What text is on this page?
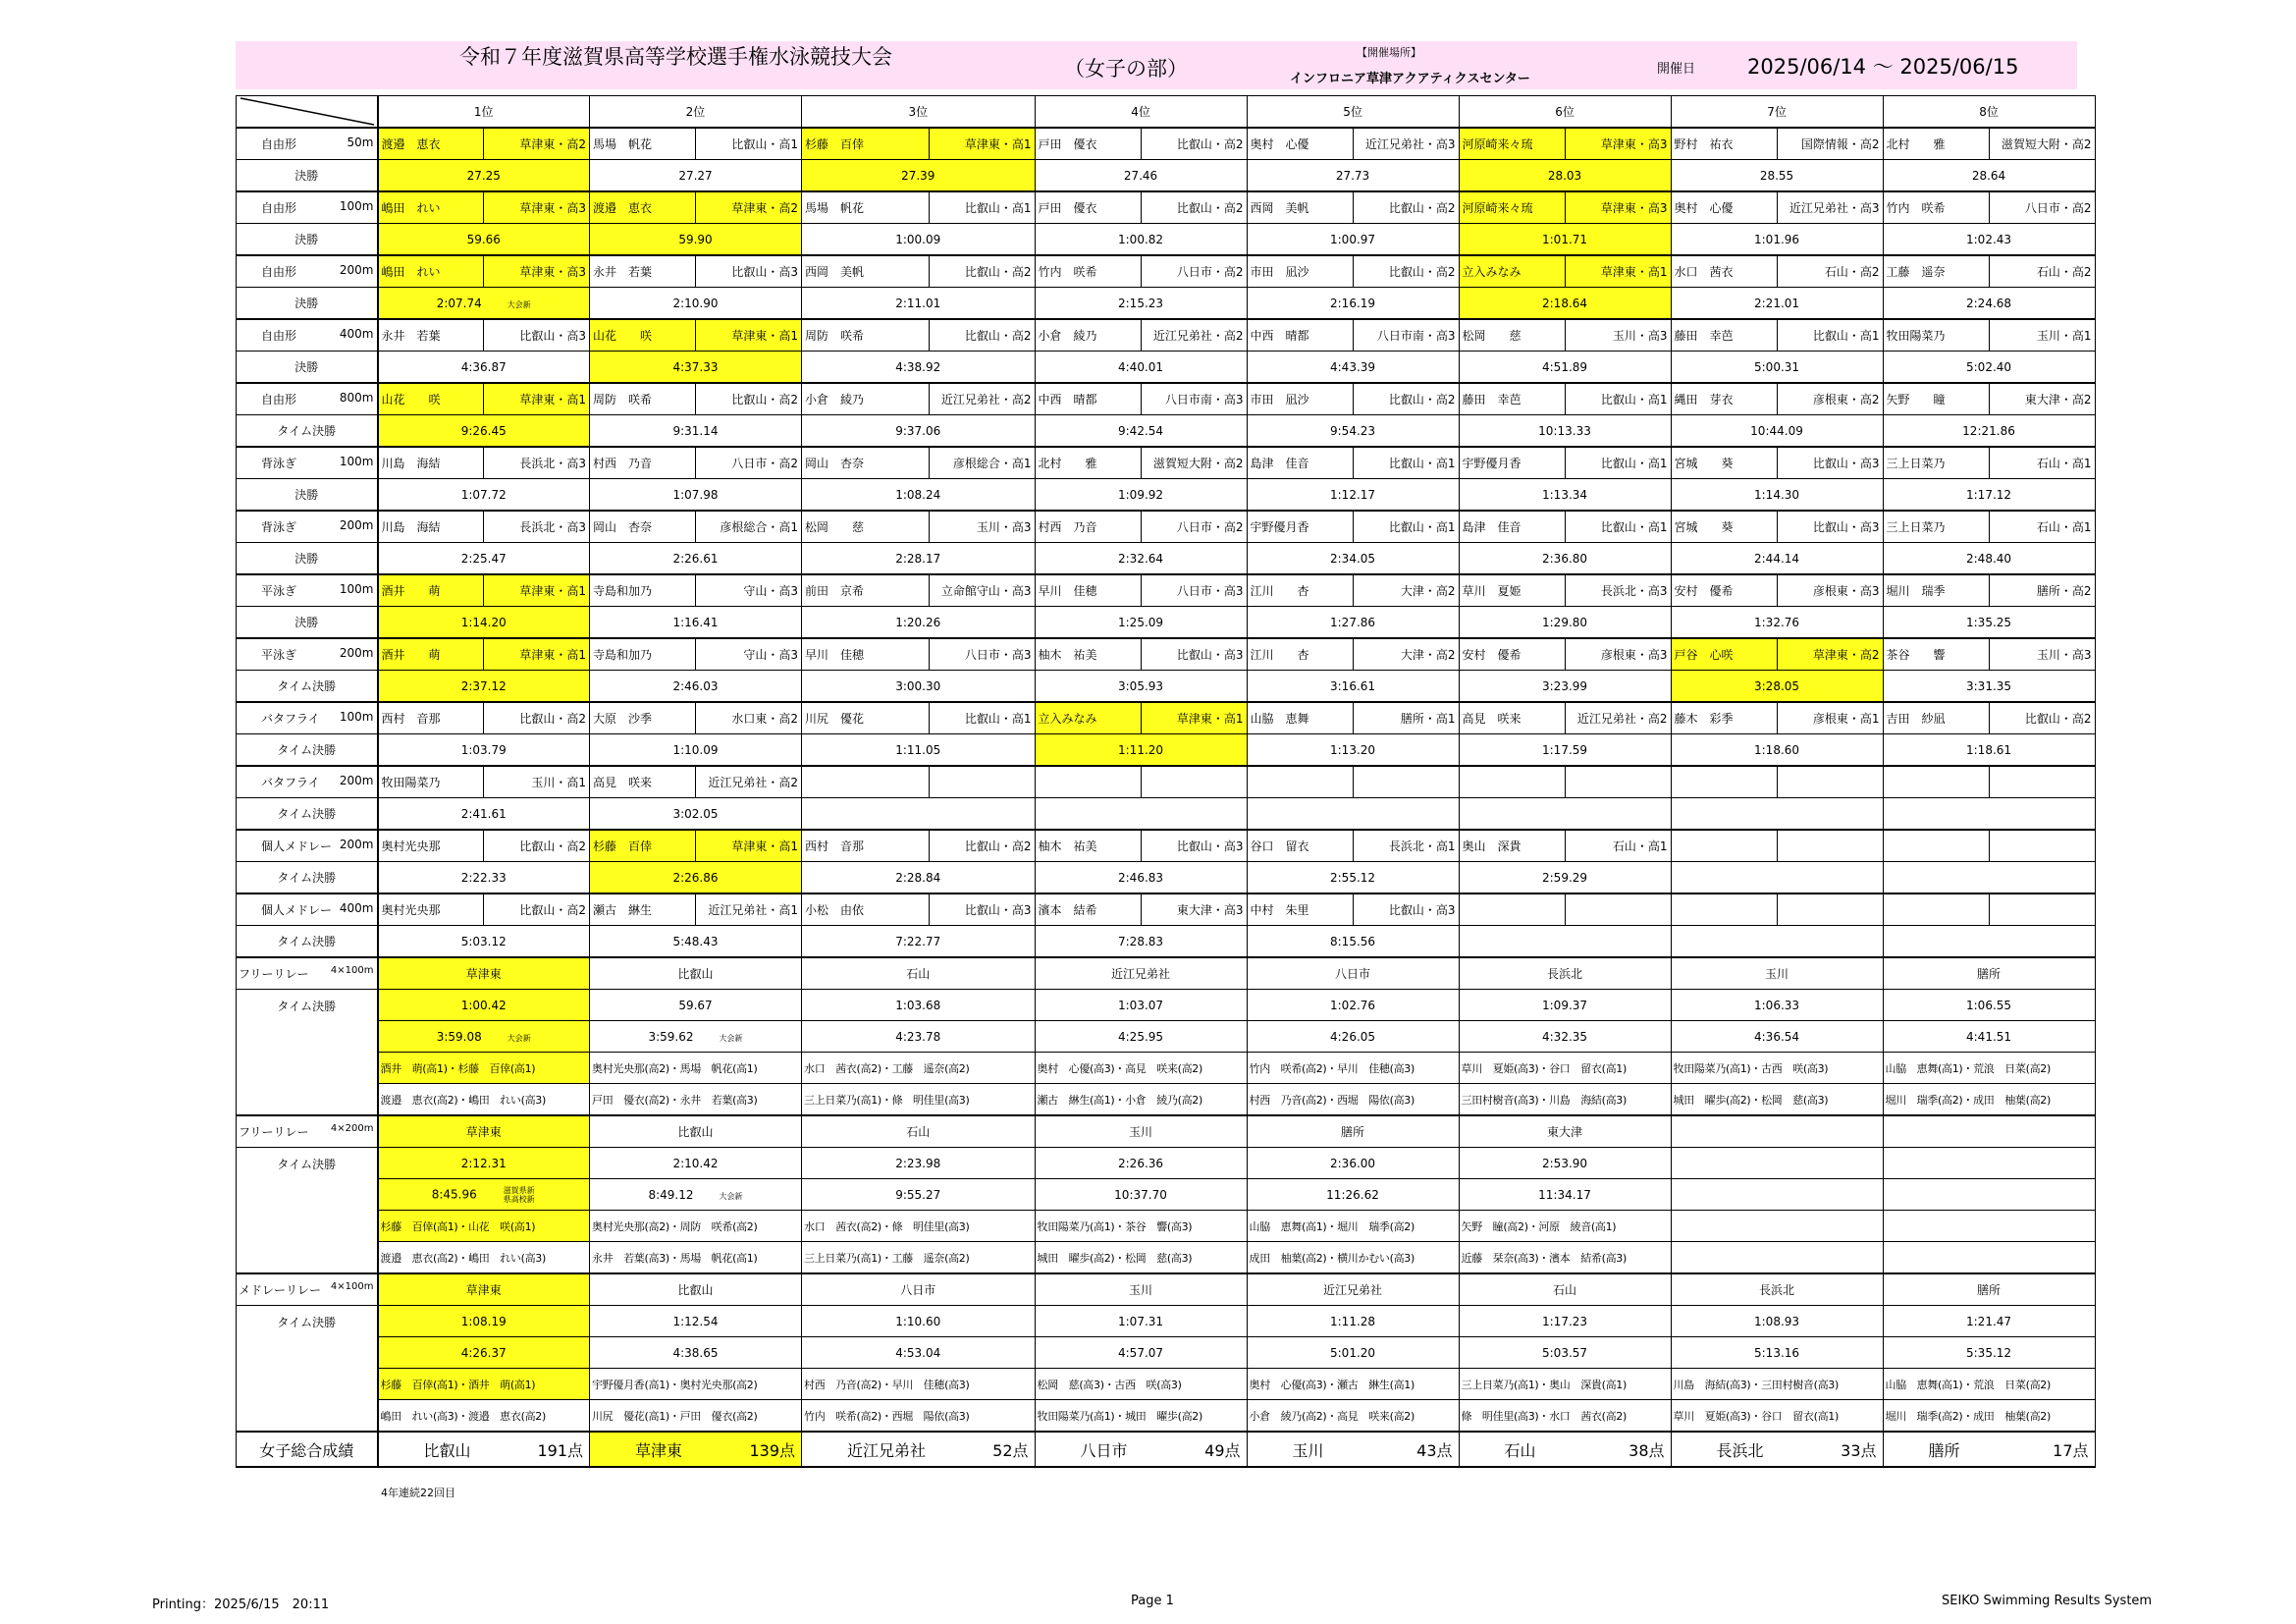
令和７年度滋賀県高等学校選手権水泳競技大会	（女子の部）
【開催場所】
インフロニア草津アクアティクスセンター
開催日	2025/06/14 ～ 2025/06/15
	1位		2位		3位		4位		5位		6位		7位		8位	

自由形 50m	渡邉　恵衣	草津東・高2	馬場　帆花	比叡山・高1	杉藤　百倖	草津東・高1	戸田　優衣	比叡山・高2	奥村　心優	近江兄弟社・高3	河原崎来々琉	草津東・高3	野村　祐衣	国際情報・高2	北村　　雅	滋賀短大附・高2
決勝	27.25		27.27		27.39		27.46		27.73		28.03		28.55		28.64	

自由形 100m	嶋田　れい	草津東・高3	渡邉　恵衣	草津東・高2	馬場　帆花	比叡山・高1	戸田　優衣	比叡山・高2	西岡　美帆	比叡山・高2	河原崎来々琉	草津東・高3	奥村　心優	近江兄弟社・高3	竹内　咲希	八日市・高2
決勝	59.66		59.90		1:00.09		1:00.82		1:00.97		1:01.71		1:01.96		1:02.43	

自由形 200m	嶋田　れい	草津東・高3	永井　若葉	比叡山・高3	西岡　美帆	比叡山・高2	竹内　咲希	八日市・高2	市田　凪沙	比叡山・高2	立入みなみ	草津東・高1	水口　茜衣	石山・高2	工藤　遥奈	石山・高2
決勝	2:07.74 大会新		2:10.90		2:11.01		2:15.23		2:16.19		2:18.64		2:21.01		2:24.68	

自由形 400m	永井　若葉	比叡山・高3	山花　　咲	草津東・高1	周防　咲希	比叡山・高2	小倉　綾乃	近江兄弟社・高2	中西　晴都	八日市南・高3	松岡　　慈	玉川・高3	藤田　幸芭	比叡山・高1	牧田陽菜乃	玉川・高1
決勝	4:36.87		4:37.33		4:38.92		4:40.01		4:43.39		4:51.89		5:00.31		5:02.40	

自由形 800m	山花　　咲	草津東・高1	周防　咲希	比叡山・高2	小倉　綾乃	近江兄弟社・高2	中西　晴都	八日市南・高3	市田　凪沙	比叡山・高2	藤田　幸芭	比叡山・高1	縄田　芽衣	彦根東・高2	矢野　　瞳	東大津・高2
タイム決勝	9:26.45		9:31.14		9:37.06		9:42.54		9:54.23		10:13.33		10:44.09		12:21.86	

背泳ぎ 100m	川島　海結	長浜北・高3	村西　乃音	八日市・高2	岡山　杏奈	彦根総合・高1	北村　　雅	滋賀短大附・高2	島津　佳音	比叡山・高1	宇野優月香	比叡山・高1	宮城　　葵	比叡山・高3	三上日菜乃	石山・高1
決勝	1:07.72		1:07.98		1:08.24		1:09.92		1:12.17		1:13.34		1:14.30		1:17.12	

背泳ぎ 200m	川島　海結	長浜北・高3	岡山　杏奈	彦根総合・高1	松岡　　慈	玉川・高3	村西　乃音	八日市・高2	宇野優月香	比叡山・高1	島津　佳音	比叡山・高1	宮城　　葵	比叡山・高3	三上日菜乃	石山・高1
決勝	2:25.47		2:26.61		2:28.17		2:32.64		2:34.05		2:36.80		2:44.14		2:48.40	

平泳ぎ 100m	酒井　　萌	草津東・高1	寺島和加乃	守山・高3	前田　京希	立命館守山・高3	早川　佳穂	八日市・高3	江川　　杏	大津・高2	草川　夏姫	長浜北・高3	安村　優希	彦根東・高3	堀川　瑞季	膳所・高2
決勝	1:14.20		1:16.41		1:20.26		1:25.09		1:27.86		1:29.80		1:32.76		1:35.25	

平泳ぎ 200m	酒井　　萌	草津東・高1	寺島和加乃	守山・高3	早川　佳穂	八日市・高3	柚木　祐美	比叡山・高3	江川　　杏	大津・高2	安村　優希	彦根東・高3	戸谷　心咲	草津東・高2	茶谷　　響	玉川・高3
タイム決勝	2:37.12		2:46.03		3:00.30		3:05.93		3:16.61		3:23.99		3:28.05		3:31.35	

バタフライ 100m	西村　音那	比叡山・高2	大原　沙季	水口東・高2	川尻　優花	比叡山・高1	立入みなみ	草津東・高1	山脇　恵舞	膳所・高1	高見　咲来	近江兄弟社・高2	藤木　彩季	彦根東・高1	吉田　紗凪	比叡山・高2
タイム決勝	1:03.79		1:10.09		1:11.05		1:11.20		1:13.20		1:17.59		1:18.60		1:18.61	

バタフライ 200m	牧田陽菜乃	玉川・高1	高見　咲来	近江兄弟社・高2												
タイム決勝	2:41.61		3:02.05													

個人メドレー 200m	奥村光央那	比叡山・高2	杉藤　百倖	草津東・高1	西村　音那	比叡山・高2	柚木　祐美	比叡山・高3	谷口　留衣	長浜北・高1	奥山　深貴	石山・高1				
タイム決勝	2:22.33		2:26.86		2:28.84		2:46.83		2:55.12		2:59.29					

個人メドレー 400m	奥村光央那	比叡山・高2	瀬古　綝生	近江兄弟社・高1	小松　由依	比叡山・高3	濱本　結希	東大津・高3	中村　朱里	比叡山・高3						
タイム決勝	5:03.12		5:48.43		7:22.77		7:28.83		8:15.56							

フリーリレー 4×100m	草津東		比叡山		石山		近江兄弟社		八日市		長浜北		玉川		膳所	
タイム決勝	1:00.42		59.67		1:03.68		1:03.07		1:02.76		1:09.37		1:06.33		1:06.55	
	3:59.08 大会新		3:59.62 大会新		4:23.78		4:25.95		4:26.05		4:32.35		4:36.54		4:41.51	
	酒井　萌(高1)・杉藤　百倖(高1)		奥村光央那(高2)・馬場　帆花(高1)		水口　茜衣(高2)・工藤　遥奈(高2)		奥村　心優(高3)・高見　咲来(高2)		竹内　咲希(高2)・早川　佳穂(高3)		草川　夏姫(高3)・谷口　留衣(高1)		牧田陽菜乃(高1)・古西　咲(高3)		山脇　恵舞(高1)・荒浪　日菜(高2)	
	渡邉　恵衣(高2)・嶋田　れい(高3)		戸田　優衣(高2)・永井　若葉(高3)		三上日菜乃(高1)・條　明佳里(高3)		瀬古　綝生(高1)・小倉　綾乃(高2)		村西　乃音(高2)・西堀　陽依(高3)		三田村樹音(高3)・川島　海結(高3)		城田　曜歩(高2)・松岡　慈(高3)		堀川　瑞季(高2)・成田　柚葉(高2)	

フリーリレー 4×200m	草津東		比叡山		石山		玉川		膳所		東大津					
タイム決勝	2:12.31		2:10.42		2:23.98		2:26.36		2:36.00		2:53.90					
	8:45.96 滋賀県新 県高校新		8:49.12 大会新		9:55.27		10:37.70		11:26.62		11:34.17					
	杉藤　百倖(高1)・山花　咲(高1)		奥村光央那(高2)・周防　咲希(高2)		水口　茜衣(高2)・條　明佳里(高3)		牧田陽菜乃(高1)・茶谷　響(高3)		山脇　恵舞(高1)・堀川　瑞季(高2)		矢野　瞳(高2)・河原　綾音(高1)					
	渡邉　恵衣(高2)・嶋田　れい(高3)		永井　若葉(高3)・馬場　帆花(高1)		三上日菜乃(高1)・工藤　遥奈(高2)		城田　曜歩(高2)・松岡　慈(高3)		成田　柚葉(高2)・横川かむい(高3)		近藤　栞奈(高3)・濱本　結希(高3)					

メドレーリレー 4×100m	草津東		比叡山		八日市		玉川		近江兄弟社		石山		長浜北		膳所	
タイム決勝	1:08.19		1:12.54		1:10.60		1:07.31		1:11.28		1:17.23		1:08.93		1:21.47	
	4:26.37		4:38.65		4:53.04		4:57.07		5:01.20		5:03.57		5:13.16		5:35.12	
	杉藤　百倖(高1)・酒井　萌(高1)		宇野優月香(高1)・奥村光央那(高2)		村西　乃音(高2)・早川　佳穂(高3)		松岡　慈(高3)・古西　咲(高3)		奥村　心優(高3)・瀬古　綝生(高1)		三上日菜乃(高1)・奥山　深貴(高1)		川島　海結(高3)・三田村樹音(高3)		山脇　恵舞(高1)・荒浪　日菜(高2)	
	嶋田　れい(高3)・渡邉　恵衣(高2)		川尻　優花(高1)・戸田　優衣(高2)		竹内　咲希(高2)・西堀　陽依(高3)		牧田陽菜乃(高1)・城田　曜歩(高2)		小倉　綾乃(高2)・高見　咲来(高2)		條　明佳里(高3)・水口　茜衣(高2)		草川　夏姫(高3)・谷口　留衣(高1)		堀川　瑞季(高2)・成田　柚葉(高2)	
女子総合成績	比叡山	191点	草津東	139点	近江兄弟社	52点	八日市	49点	玉川	43点	石山	38点	長浜北	33点	膳所	17点
4年連続22回目
Printing：2025/6/15　20:11	Page 1	SEIKO Swimming Results System
